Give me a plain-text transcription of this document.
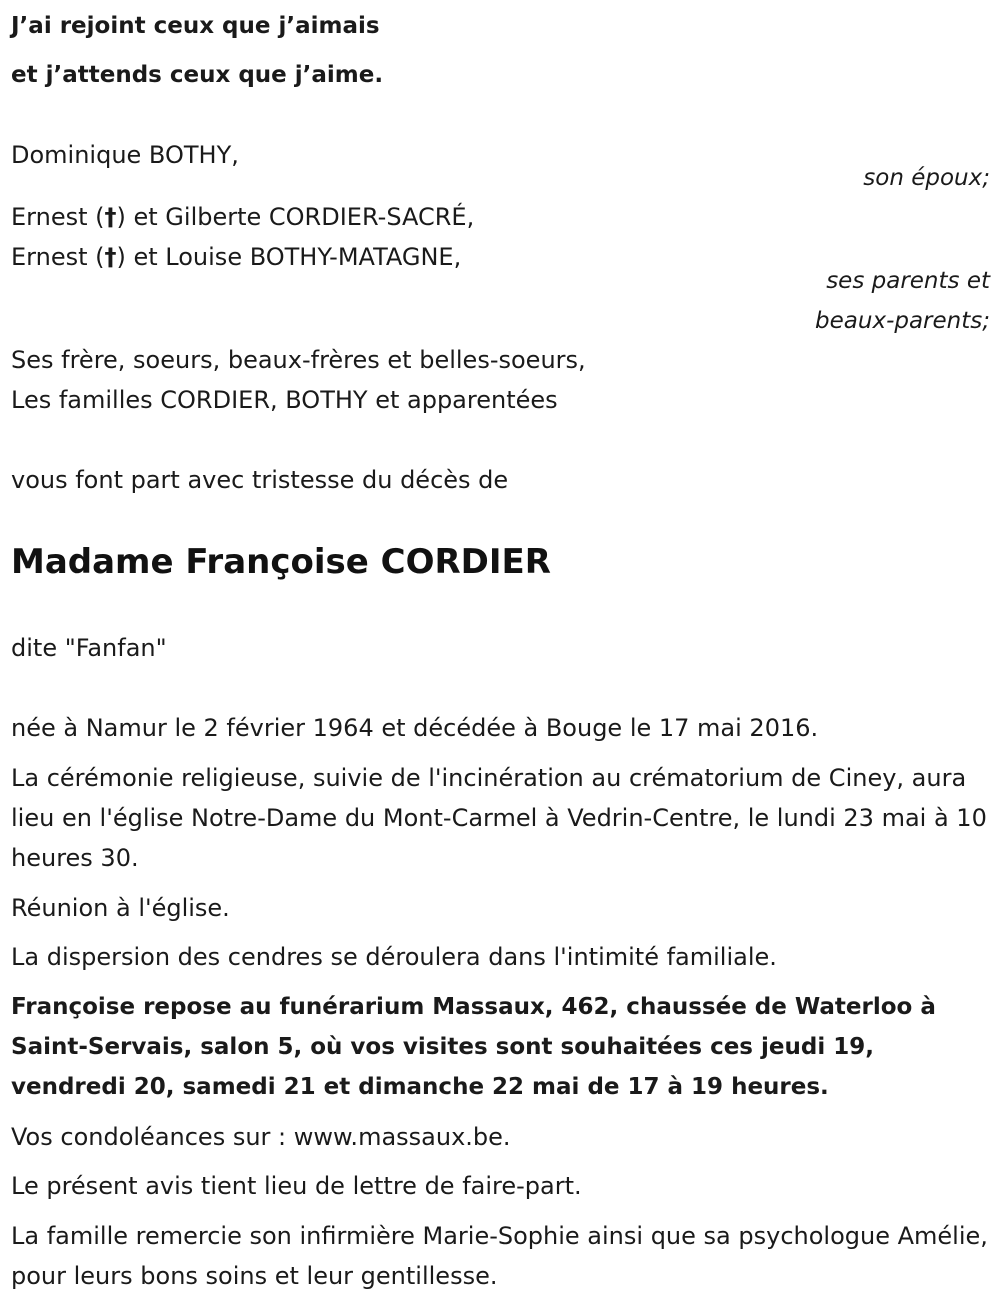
J’ai rejoint ceux que j’aimais
et j’attends ceux que j’aime.
Dominique BOTHY,
son époux;
Ernest (†) et Gilberte CORDIER-SACRÉ,
Ernest (†) et Louise BOTHY-MATAGNE,
ses parents et
beaux-parents;
Ses frère, soeurs, beaux-frères et belles-soeurs,
Les familles CORDIER, BOTHY et apparentées
vous font part avec tristesse du décès de
Madame Françoise CORDIER
dite "Fanfan"
née à Namur le 2 février 1964 et décédée à Bouge le 17 mai 2016.
La cérémonie religieuse, suivie de l'incinération au crématorium de Ciney, aura lieu en l'église Notre-Dame du Mont-Carmel à Vedrin-Centre, le lundi 23 mai à 10 heures 30.
Réunion à l'église.
La dispersion des cendres se déroulera dans l'intimité familiale.
Françoise repose au funérarium Massaux, 462, chaussée de Waterloo à Saint-Servais, salon 5, où vos visites sont souhaitées ces jeudi 19, vendredi 20, samedi 21 et dimanche 22 mai de 17 à 19 heures.
Vos condoléances sur : www.massaux.be.
Le présent avis tient lieu de lettre de faire-part.
La famille remercie son infirmière Marie-Sophie ainsi que sa psychologue Amélie, pour leurs bons soins et leur gentillesse.
